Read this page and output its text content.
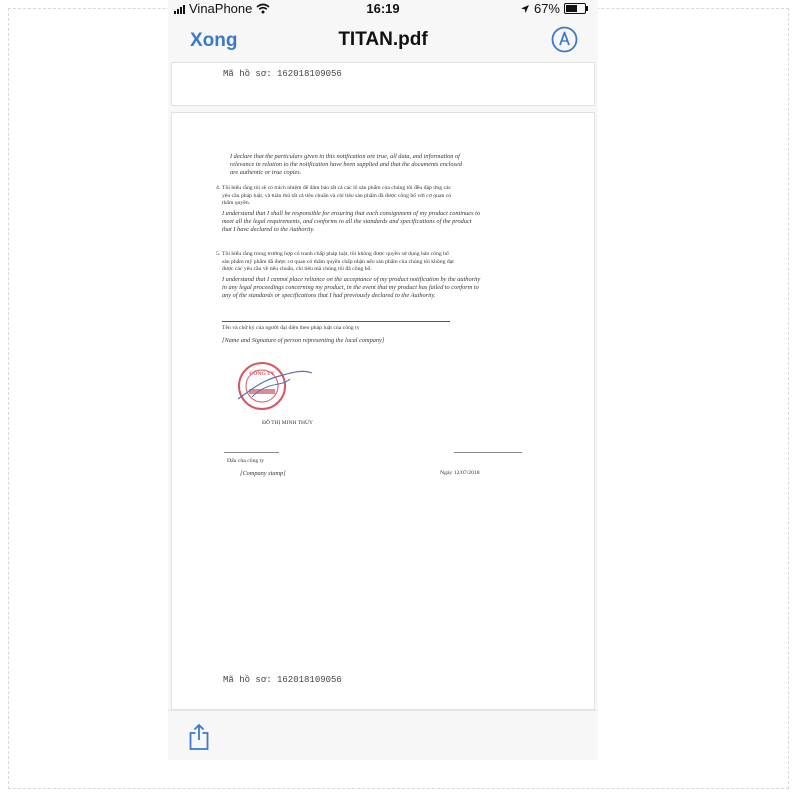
VinaPhone	16:19	67%
Xong	TITAN.pdf
Mã hồ sơ: 162018109056
I declare that the particulars given in this notification are true, all data, and information of
relevance in relation to the notification have been supplied and that the documents enclosed
are authentic or true copies.
4. Tôi hiểu rằng tôi sẽ có trách nhiệm để đảm bảo tất cả các lô sản phẩm của chúng tôi đều đáp ứng các
yêu cầu pháp luật, và tuân thủ tất cả tiêu chuẩn và chỉ tiêu sản phẩm đã được công bố với cơ quan có
thẩm quyền.
I understand that I shall be responsible for ensuring that each consignment of my product continues to
meet all the legal requirements, and conforms to all the standards and specifications of the product
that I have declared to the Authority.
5. Tôi hiểu rằng trong trường hợp có tranh chấp pháp luật, tôi không được quyền sử dụng bản công bố
sản phẩm mỹ phẩm đã được cơ quan có thẩm quyền chấp nhận nếu sản phẩm của chúng tôi không đạt
được các yêu cầu về tiêu chuẩn, chỉ tiêu mà chúng tôi đã công bố.
I understand that I cannot place reliance on the acceptance of my product notification by the authority
in any legal proceedings concerning my product, in the event that my product has failed to conform to
any of the standards or specifications that I had previously declared to the Authority.
Tên và chữ ký của người đại diện theo pháp luật của công ty
[Name and Signature of person representing the local company]
CÔNG TY
ĐỖ THỊ MINH THÚY
Dấu của công ty
[Company stamp]	Ngày 12/07/2018
Mã hồ sơ: 162018109056
